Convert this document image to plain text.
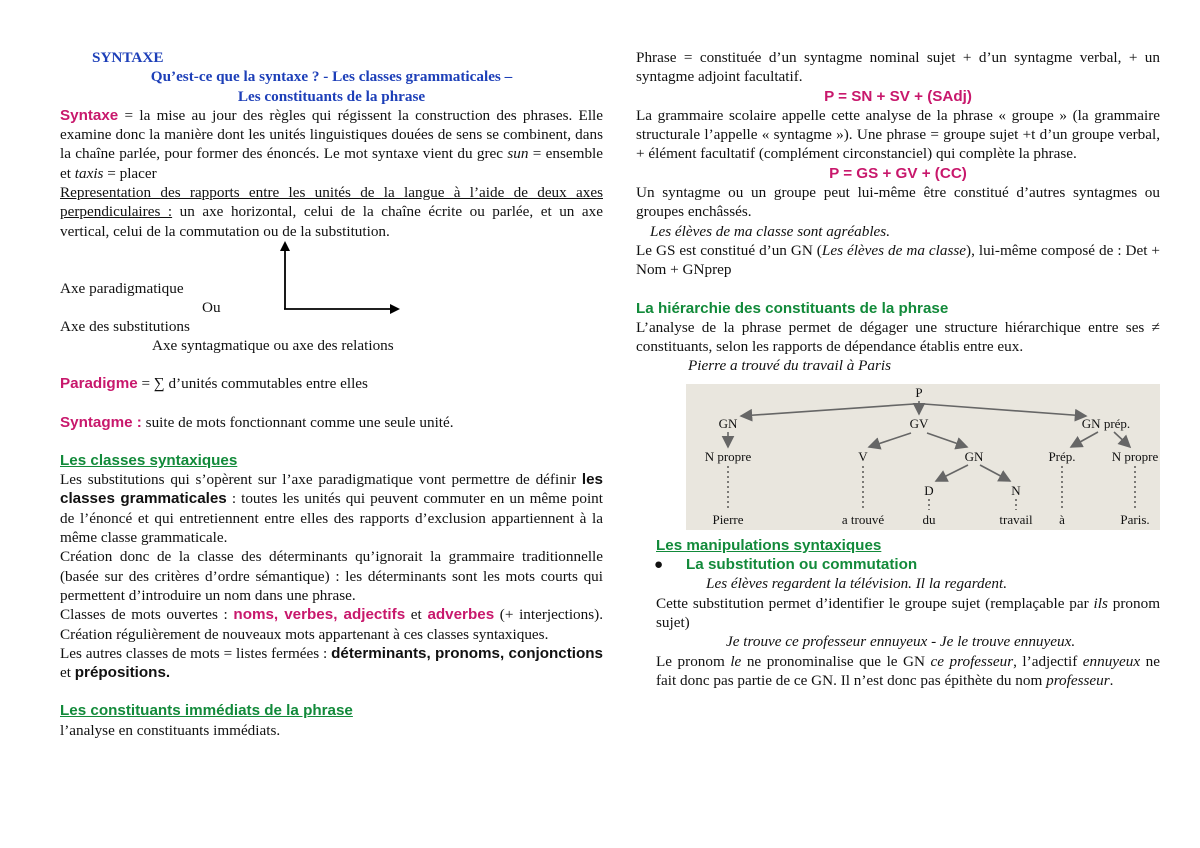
SYNTAXE
Qu’est-ce que la syntaxe ? - Les classes grammaticales –
Les constituants de la phrase
Syntaxe = la mise au jour des règles qui régissent la construction des phrases. Elle examine donc la manière dont les unités linguistiques douées de sens se combinent, dans la chaîne parlée, pour former des énoncés. Le mot syntaxe vient du grec sun = ensemble et taxis = placer
Representation des rapports entre les unités de la langue à l’aide de deux axes perpendiculaires : un axe horizontal, celui de la chaîne écrite ou parlée, et un axe vertical, celui de la commutation ou de la substitution.
Axe paradigmatique
Ou
Axe des substitutions
Axe syntagmatique ou axe des relations
Paradigme = ∑ d’unités commutables entre elles
Syntagme : suite de mots fonctionnant comme une seule unité.
Les classes syntaxiques
Les substitutions qui s’opèrent sur l’axe paradigmatique vont permettre de définir les classes grammaticales : toutes les unités qui peuvent commuter en un même point de l’énoncé et qui entretiennent entre elles des rapports d’exclusion appartiennent à la même classe grammaticale.
Création donc de la classe des déterminants qu’ignorait la grammaire traditionnelle (basée sur des critères d’ordre sémantique) : les déterminants sont les mots courts qui permettent d’introduire un nom dans une phrase.
Classes de mots ouvertes : noms, verbes, adjectifs et adverbes (+ interjections). Création régulièrement de nouveaux mots appartenant à ces classes syntaxiques.
Les autres classes de mots = listes fermées : déterminants, pronoms, conjonctions et prépositions.
Les constituants immédiats de la phrase
l’analyse en constituants immédiats.
Phrase = constituée d’un syntagme nominal sujet + d’un syntagme verbal, + un syntagme adjoint facultatif.
P = SN + SV + (SAdj)
La grammaire scolaire appelle cette analyse de la phrase « groupe » (la grammaire structurale l’appelle « syntagme »). Une phrase = groupe sujet +t d’un groupe verbal, + élément facultatif (complément circonstanciel) qui complète la phrase.
P = GS + GV + (CC)
Un syntagme ou un groupe peut lui-même être constitué d’autres syntagmes ou groupes enchâssés.
Les élèves de ma classe sont agréables.
Le GS est constitué d’un GN (Les élèves de ma classe), lui-même composé de : Det + Nom + GNprep
La hiérarchie des constituants de la phrase
L’analyse de la phrase permet de dégager une structure hiérarchique entre ses ≠ constituants, selon les rapports de dépendance établis entre eux.
Pierre a trouvé du travail à Paris
P
GN	GV	GN prép.
N propre	V	GN	Prép.	N propre
D	N
Pierre	a trouvé	du	travail à	Paris.
Les manipulations syntaxiques
● La substitution ou commutation
Les élèves regardent la télévision. Il la regardent.
Cette substitution permet d’identifier le groupe sujet (remplaçable par ils pronom sujet)
Je trouve ce professeur ennuyeux - Je le trouve ennuyeux.
Le pronom le ne pronominalise que le GN ce professeur, l’adjectif ennuyeux ne fait donc pas partie de ce GN. Il n’est donc pas épithète du nom professeur.
